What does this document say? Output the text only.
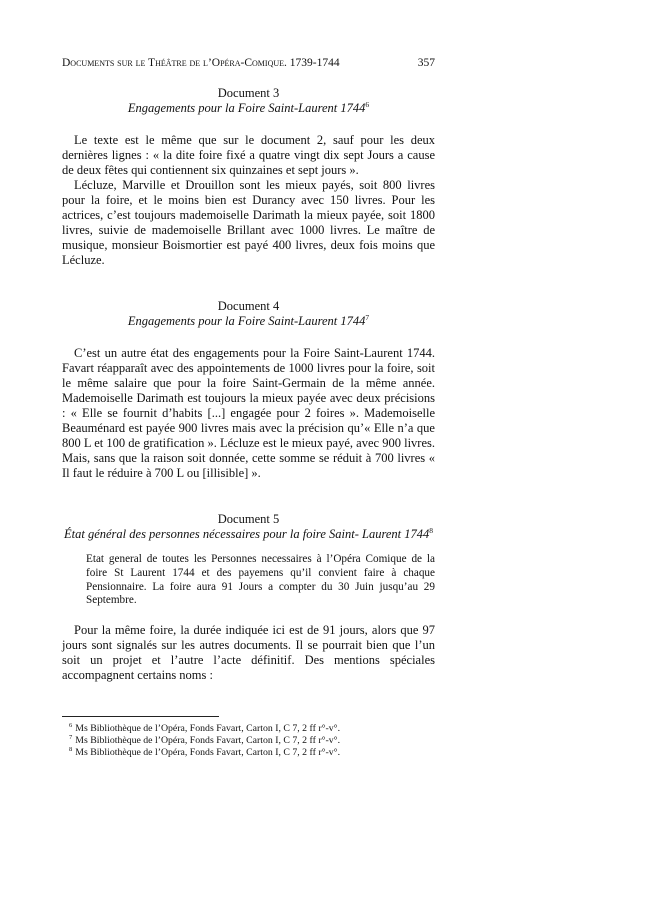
Documents sur le Théâtre de l’Opéra-Comique. 1739-1744	357
Document 3
Engagements pour la Foire Saint-Laurent 1744$^6$

Le texte est le même que sur le document 2, sauf pour les deux dernières lignes : « la dite foire fixé a quatre vingt dix sept Jours a cause de deux fêtes qui contiennent six quinzaines et sept jours ».

Lécluze, Marville et Drouillon sont les mieux payés, soit 800 livres pour la foire, et le moins bien est Durancy avec 150 livres. Pour les actrices, c’est toujours mademoiselle Darimath la mieux payée, soit 1800 livres, suivie de mademoiselle Brillant avec 1000 livres. Le maître de musique, monsieur Boismortier est payé 400 livres, deux fois moins que Lécluze.

Document 4
Engagements pour la Foire Saint-Laurent 1744$^7$

C’est un autre état des engagements pour la Foire Saint-Laurent 1744. Favart réapparaît avec des appointements de 1000 livres pour la foire, soit le même salaire que pour la foire Saint-Germain de la même année. Mademoiselle Darimath est toujours la mieux payée avec deux précisions : « Elle se fournit d’habits [...] engagée pour 2 foires ». Mademoiselle Beauménard est payée 900 livres mais avec la précision qu’« Elle n’a que 800 L et 100 de gratification ». Lécluze est le mieux payé, avec 900 livres. Mais, sans que la raison soit donnée, cette somme se réduit à 700 livres « Il faut le réduire à 700 L ou [illisible] ».

Document 5
État général des personnes nécessaires pour la foire Saint- Laurent 1744$^8$
Etat general de toutes les Personnes necessaires à l’Opéra Comique de la foire St Laurent 1744 et des payemens qu’il convient faire à chaque Pensionnaire. La foire aura 91 Jours a compter du 30 Juin jusqu’au 29 Septembre.

Pour la même foire, la durée indiquée ici est de 91 jours, alors que 97 jours sont signalés sur les autres documents. Il se pourrait bien que l’un soit un projet et l’autre l’acte définitif. Des mentions spéciales accompagnent certains noms :

$^6$ Ms Bibliothèque de l’Opéra, Fonds Favart, Carton I, C 7, 2 ff r°-v°.
$^7$ Ms Bibliothèque de l’Opéra, Fonds Favart, Carton I, C 7, 2 ff r°-v°.
$^8$ Ms Bibliothèque de l’Opéra, Fonds Favart, Carton I, C 7, 2 ff r°-v°.
